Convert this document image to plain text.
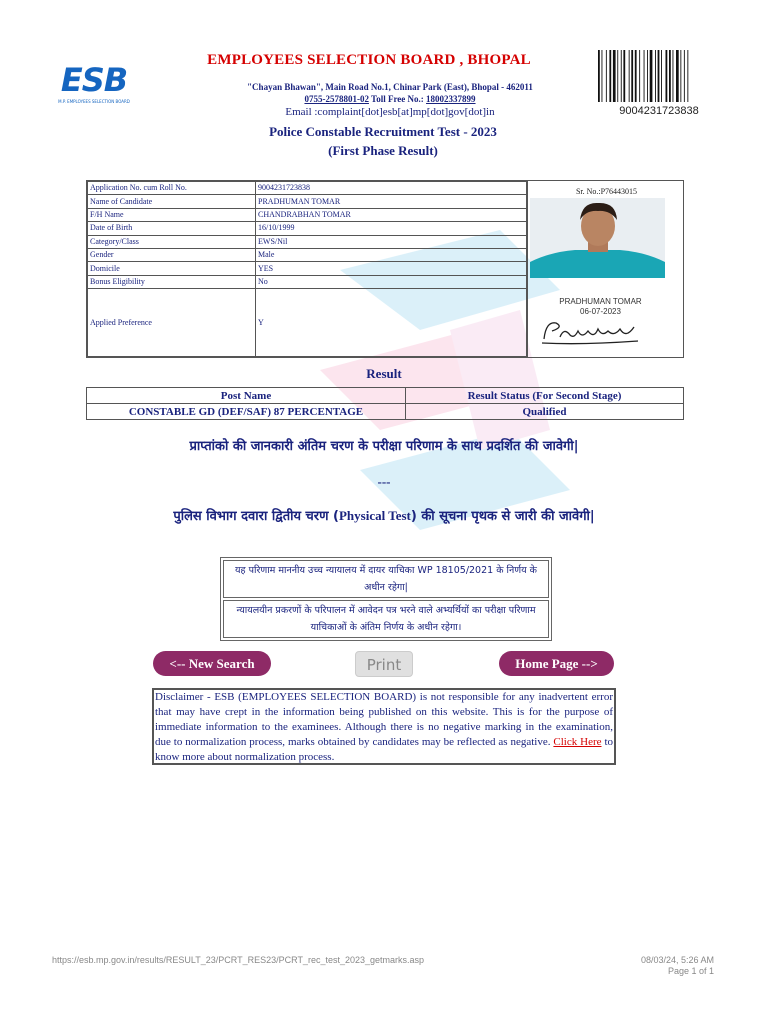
ESB
M.P. EMPLOYEES SELECTION BOARD
EMPLOYEES SELECTION BOARD , BHOPAL
"Chayan Bhawan", Main Road No.1, Chinar Park (East), Bhopal - 462011
0755-2578801-02 Toll Free No.: 18002337899
Email :complaint[dot]esb[at]mp[dot]gov[dot]in
Police Constable Recruitment Test - 2023
(First Phase Result)
9004231723838
Application No. cum Roll No.	9004231723838
Name of Candidate	PRADHUMAN TOMAR
F/H Name	CHANDRABHAN TOMAR
Date of Birth	16/10/1999
Category/Class	EWS/Nil
Gender	Male
Domicile	YES
Bonus Eligibility	No
Applied Preference	Y
Sr. No.:P76443015
PRADHUMAN TOMAR
06-07-2023
Result
Post Name	Result Status (For Second Stage)
CONSTABLE GD (DEF/SAF) 87 PERCENTAGE	Qualified
प्राप्तांको की जानकारी अंतिम चरण के परीक्षा परिणाम के साथ प्रदर्शित की जावेगी|
---
पुलिस विभाग दवारा द्वितीय चरण (Physical Test) की सूचना पृथक से जारी की जावेगी|
यह परिणाम माननीय उच्च न्यायालय में दायर याचिका WP 18105/2021 के निर्णय के अधीन रहेगा|
न्यायलयीन प्रकरणों के परिपालन में आवेदन पत्र भरने वाले अभ्यर्थियों का परीक्षा परिणाम याचिकाओं के अंतिम निर्णय के अधीन रहेगा।
<-- New Search	Print	Home Page -->
Disclaimer - ESB (EMPLOYEES SELECTION BOARD) is not responsible for any inadvertent error that may have crept in the information being published on this website. This is for the purpose of immediate information to the examinees. Although there is no negative marking in the examination, due to normalization process, marks obtained by candidates may be reflected as negative. Click Here to know more about normalization process.
https://esb.mp.gov.in/results/RESULT_23/PCRT_RES23/PCRT_rec_test_2023_getmarks.asp	08/03/24, 5:26 AM
Page 1 of 1
